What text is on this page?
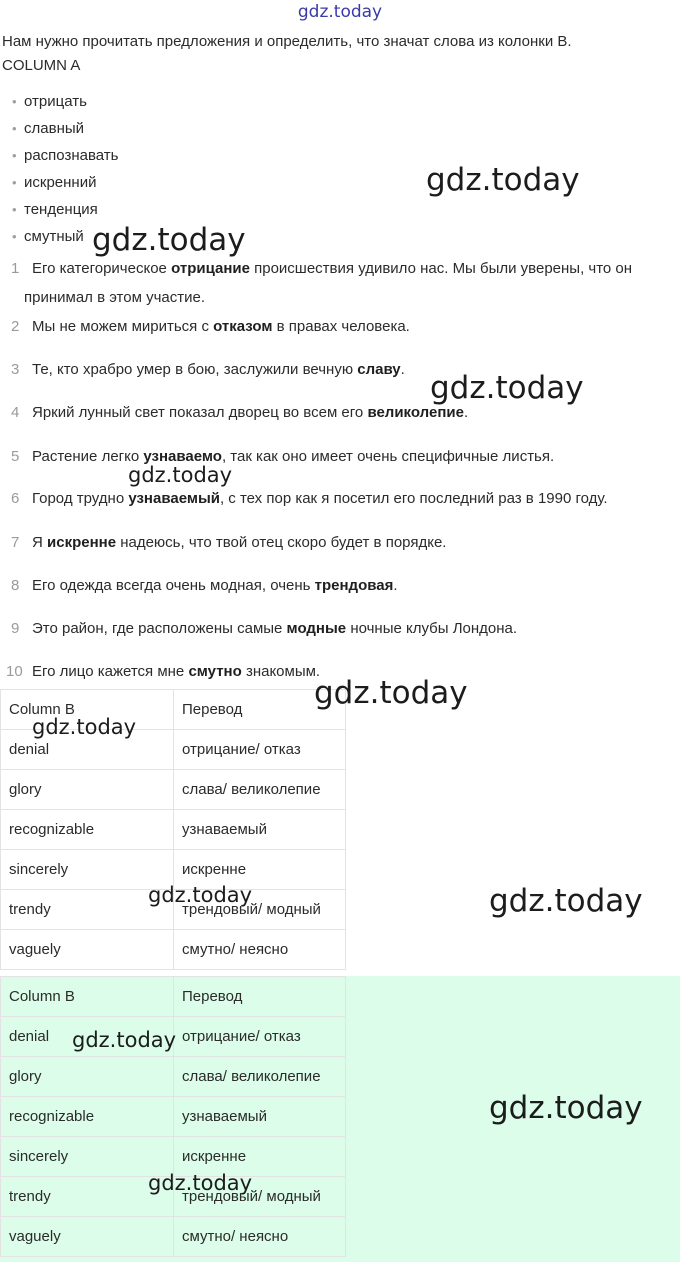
gdz.today
Нам нужно прочитать предложения и определить, что значат слова из колонки B.
COLUMN A
• отрицать
• славный
• распознавать
• искренний
• тенденция
• смутный
1 Его категорическое отрицание происшествия удивило нас. Мы были уверены, что он принимал в этом участие.
2 Мы не можем мириться с отказом в правах человека.
3 Те, кто храбро умер в бою, заслужили вечную славу.
4 Яркий лунный свет показал дворец во всем его великолепие.
5 Растение легко узнаваемо, так как оно имеет очень специфичные листья.
6 Город трудно узнаваемый, с тех пор как я посетил его последний раз в 1990 году.
7 Я искренне надеюсь, что твой отец скоро будет в порядке.
8 Его одежда всегда очень модная, очень трендовая.
9 Это район, где расположены самые модные ночные клубы Лондона.
10 Его лицо кажется мне смутно знакомым.
Column B	Перевод
denial	отрицание/ отказ
glory	слава/ великолепие
recognizable	узнаваемый
sincerely	искренне
trendy	трендовый/ модный
vaguely	смутно/ неясно
Column B	Перевод
denial	отрицание/ отказ
glory	слава/ великолепие
recognizable	узнаваемый
sincerely	искренне
trendy	трендовый/ модный
vaguely	смутно/ неясно
gdz.today
gdz.today
gdz.today
gdz.today
gdz.today
gdz.today
gdz.today	gdz.today
gdz.today
gdz.today
gdz.today
